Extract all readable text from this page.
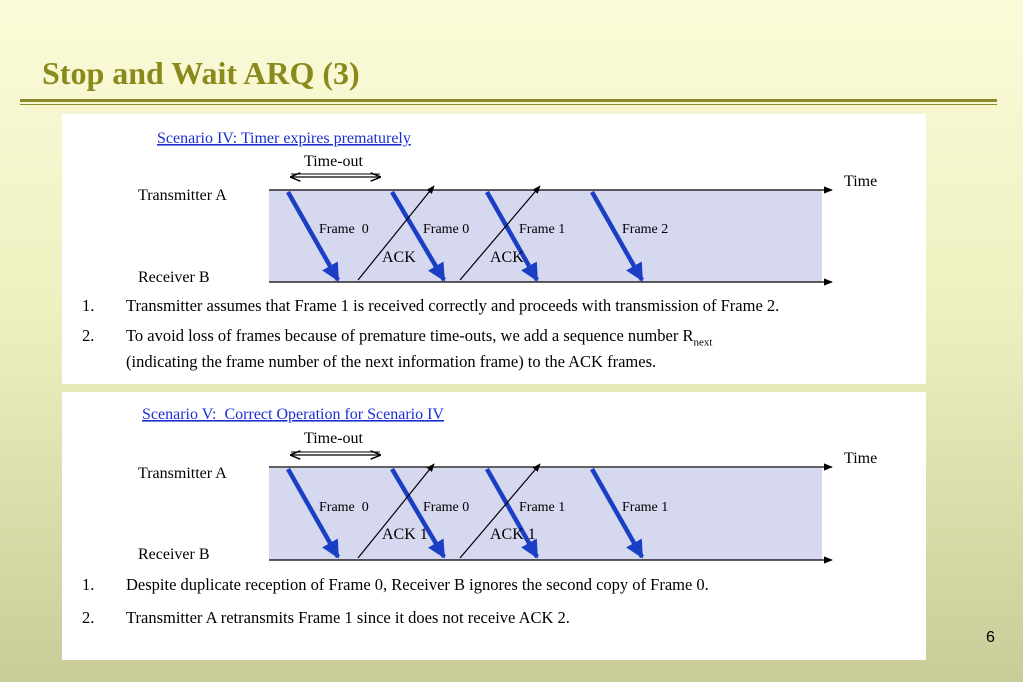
Stop and Wait ARQ (3)
Scenario IV: Timer expires prematurely
Time-out
Time
Transmitter A
Receiver B
Frame  0	Frame 0	Frame 1	Frame 2
ACK	ACK
1. Transmitter assumes that Frame 1 is received correctly and proceeds with transmission of Frame 2.
2. To avoid loss of frames because of premature time-outs, we add a sequence number $R_{next}$
(indicating the frame number of the next information frame) to the ACK frames.
Scenario V:  Correct Operation for Scenario IV
Time-out
Time
Transmitter A
Receiver B
Frame  0	Frame 0	Frame 1	Frame 1
ACK 1	ACK 1
1. Despite duplicate reception of Frame 0, Receiver B ignores the second copy of Frame 0.
2. Transmitter A retransmits Frame 1 since it does not receive ACK 2.
6
